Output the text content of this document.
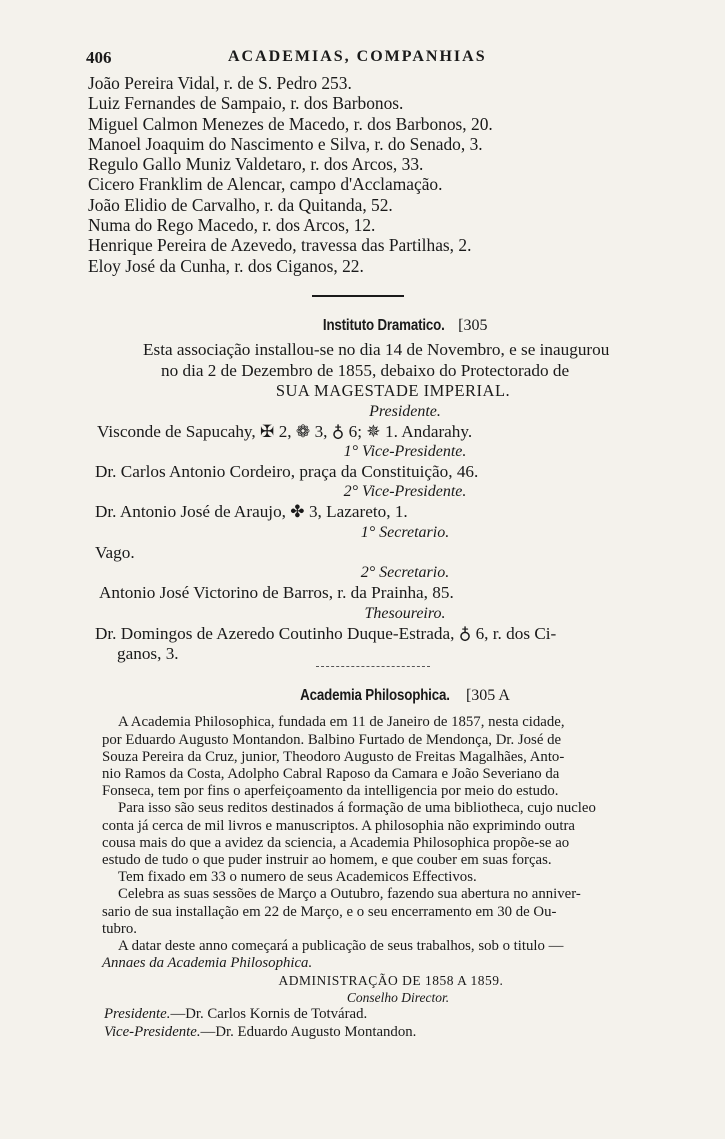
406	ACADEMIAS, COMPANHIAS
João Pereira Vidal, r. de S. Pedro 253.
Luiz Fernandes de Sampaio, r. dos Barbonos.
Miguel Calmon Menezes de Macedo, r. dos Barbonos, 20.
Manoel Joaquim do Nascimento e Silva, r. do Senado, 3.
Regulo Gallo Muniz Valdetaro, r. dos Arcos, 33.
Cicero Franklim de Alencar, campo d'Acclamação.
João Elidio de Carvalho, r. da Quitanda, 52.
Numa do Rego Macedo, r. dos Arcos, 12.
Henrique Pereira de Azevedo, travessa das Partilhas, 2.
Eloy José da Cunha, r. dos Ciganos, 22.
Instituto Dramatico. [305
Esta associação installou-se no dia 14 de Novembro, e se inaugurou
no dia 2 de Dezembro de 1855, debaixo do Protectorado de
SUA MAGESTADE IMPERIAL.
Presidente.
Visconde de Sapucahy, ✠ 2, ❁ 3, ♁ 6; ✵ 1. Andarahy.
1° Vice-Presidente.
Dr. Carlos Antonio Cordeiro, praça da Constituição, 46.
2° Vice-Presidente.
Dr. Antonio José de Araujo, ✤ 3, Lazareto, 1.
1° Secretario.
Vago.
2° Secretario.
Antonio José Victorino de Barros, r. da Prainha, 85.
Thesoureiro.
Dr. Domingos de Azeredo Coutinho Duque-Estrada, ♁ 6, r. dos Ci-
ganos, 3.
Academia Philosophica. [305 A
A Academia Philosophica, fundada em 11 de Janeiro de 1857, nesta cidade,
por Eduardo Augusto Montandon. Balbino Furtado de Mendonça, Dr. José de
Souza Pereira da Cruz, junior, Theodoro Augusto de Freitas Magalhães, Anto-
nio Ramos da Costa, Adolpho Cabral Raposo da Camara e João Severiano da
Fonseca, tem por fins o aperfeiçoamento da intelligencia por meio do estudo.
Para isso são seus reditos destinados á formação de uma bibliotheca, cujo nucleo
conta já cerca de mil livros e manuscriptos. A philosophia não exprimindo outra
cousa mais do que a avidez da sciencia, a Academia Philosophica propõe-se ao
estudo de tudo o que puder instruir ao homem, e que couber em suas forças.
Tem fixado em 33 o numero de seus Academicos Effectivos.
Celebra as suas sessões de Março a Outubro, fazendo sua abertura no anniver-
sario de sua installação em 22 de Março, e o seu encerramento em 30 de Ou-
tubro.
A datar deste anno começará a publicação de seus trabalhos, sob o titulo —
Annaes da Academia Philosophica.
ADMINISTRAÇÃO DE 1858 A 1859.
Conselho Director.
Presidente.—Dr. Carlos Kornis de Totvárad.
Vice-Presidente.—Dr. Eduardo Augusto Montandon.
